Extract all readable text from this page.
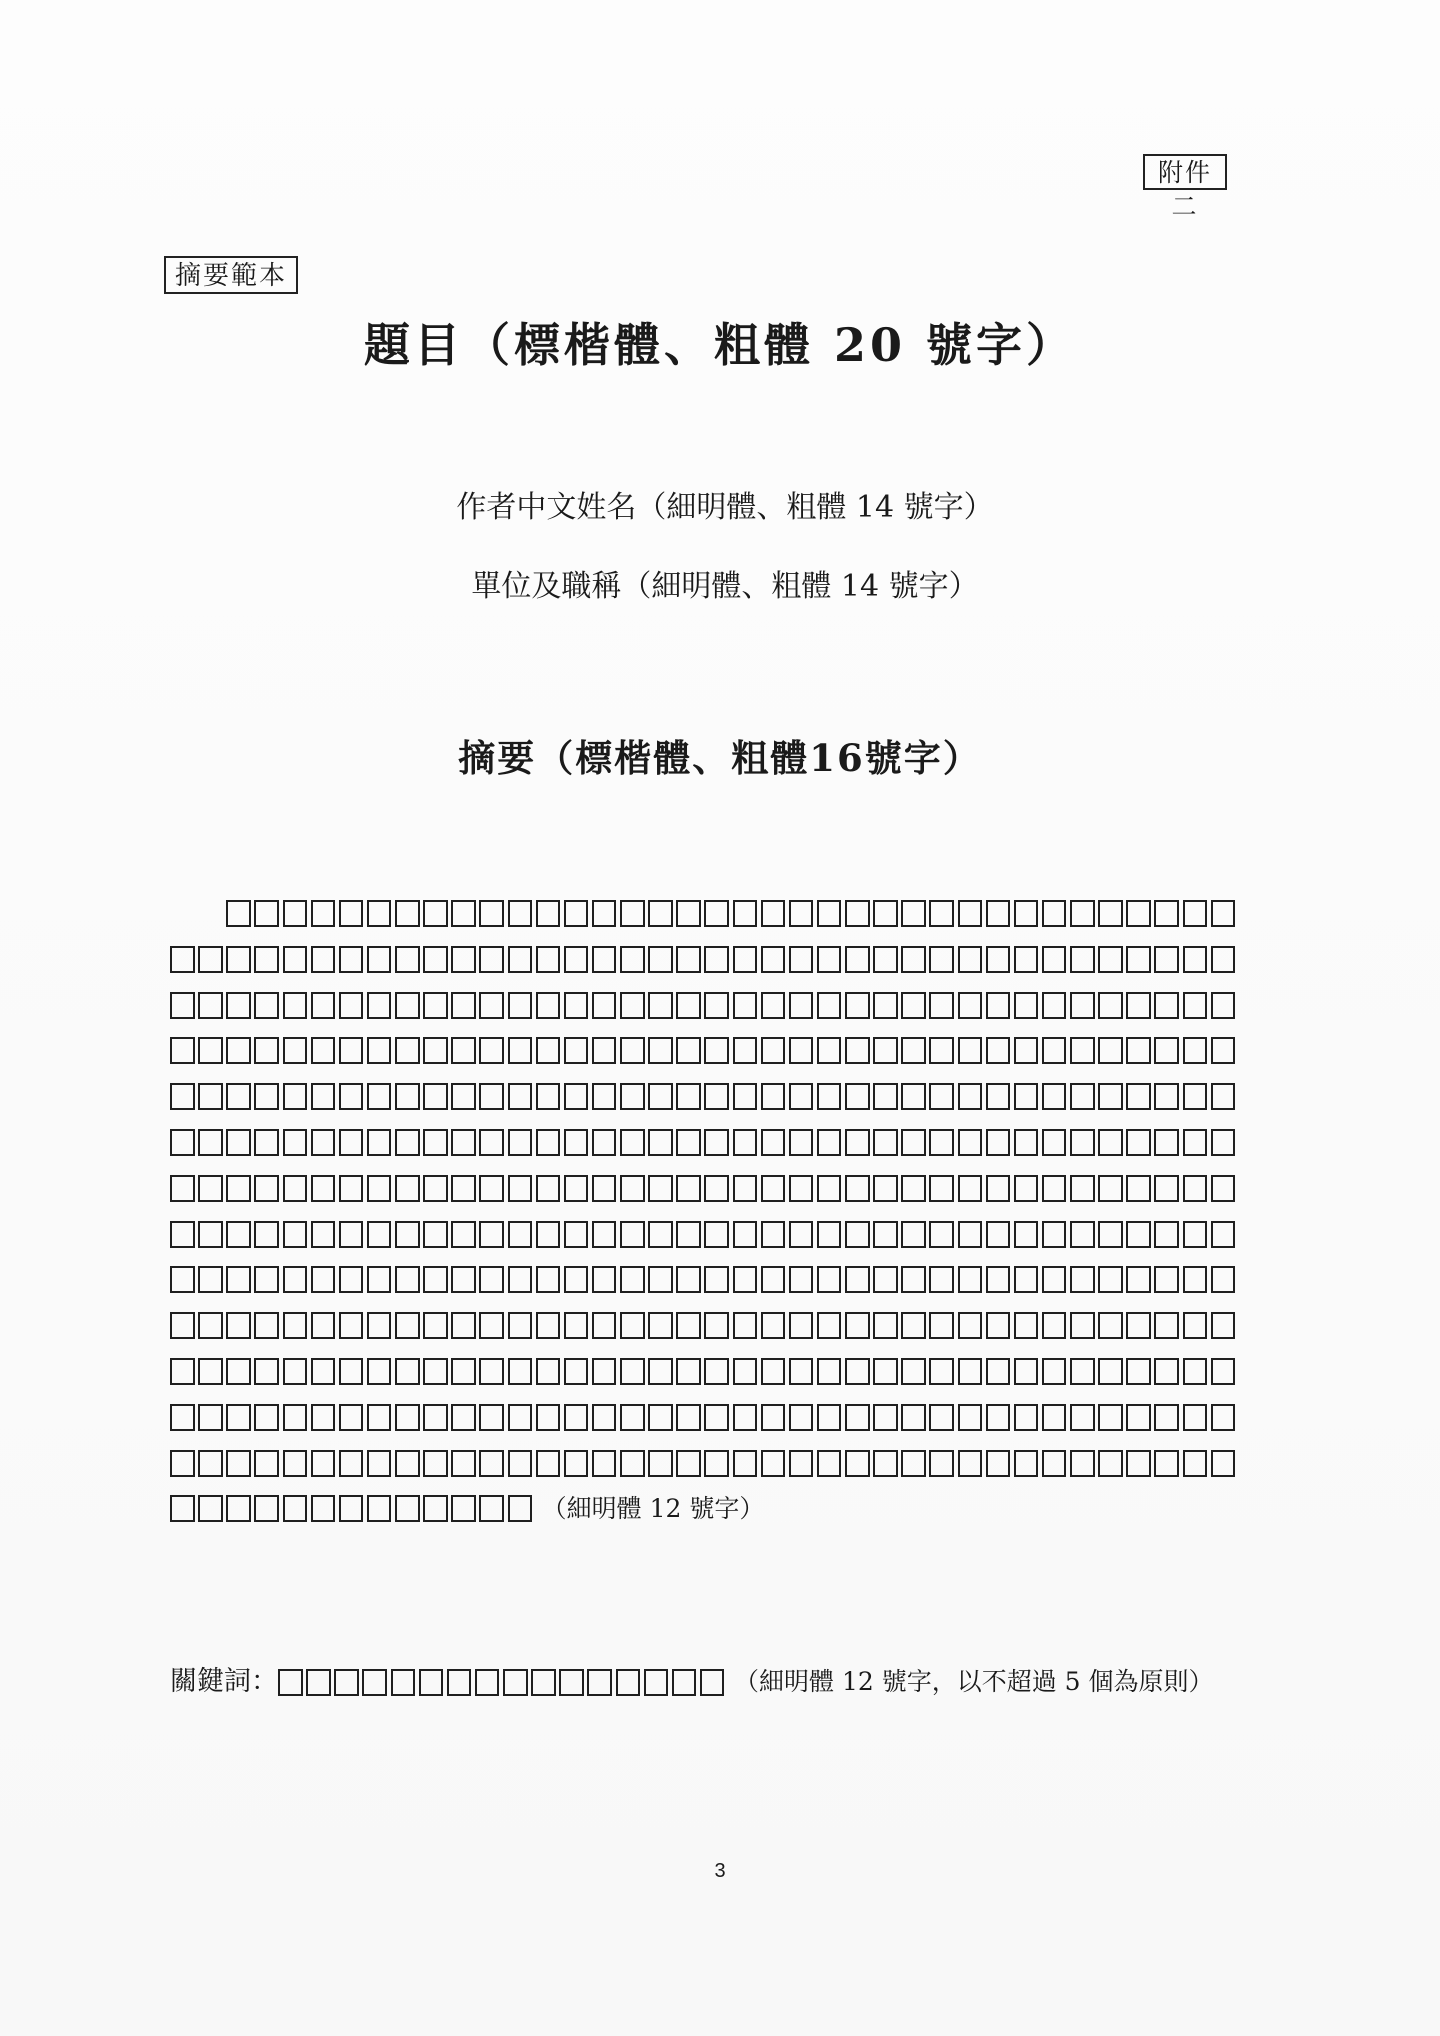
附件二
摘要範本
題目（標楷體、粗體 20 號字）
作者中文姓名（細明體、粗體 14 號字）
單位及職稱（細明體、粗體 14 號字）
摘要（標楷體、粗體16號字）
（細明體 12 號字）
關鍵詞：	（細明體 12 號字，以不超過 5 個為原則）
3
